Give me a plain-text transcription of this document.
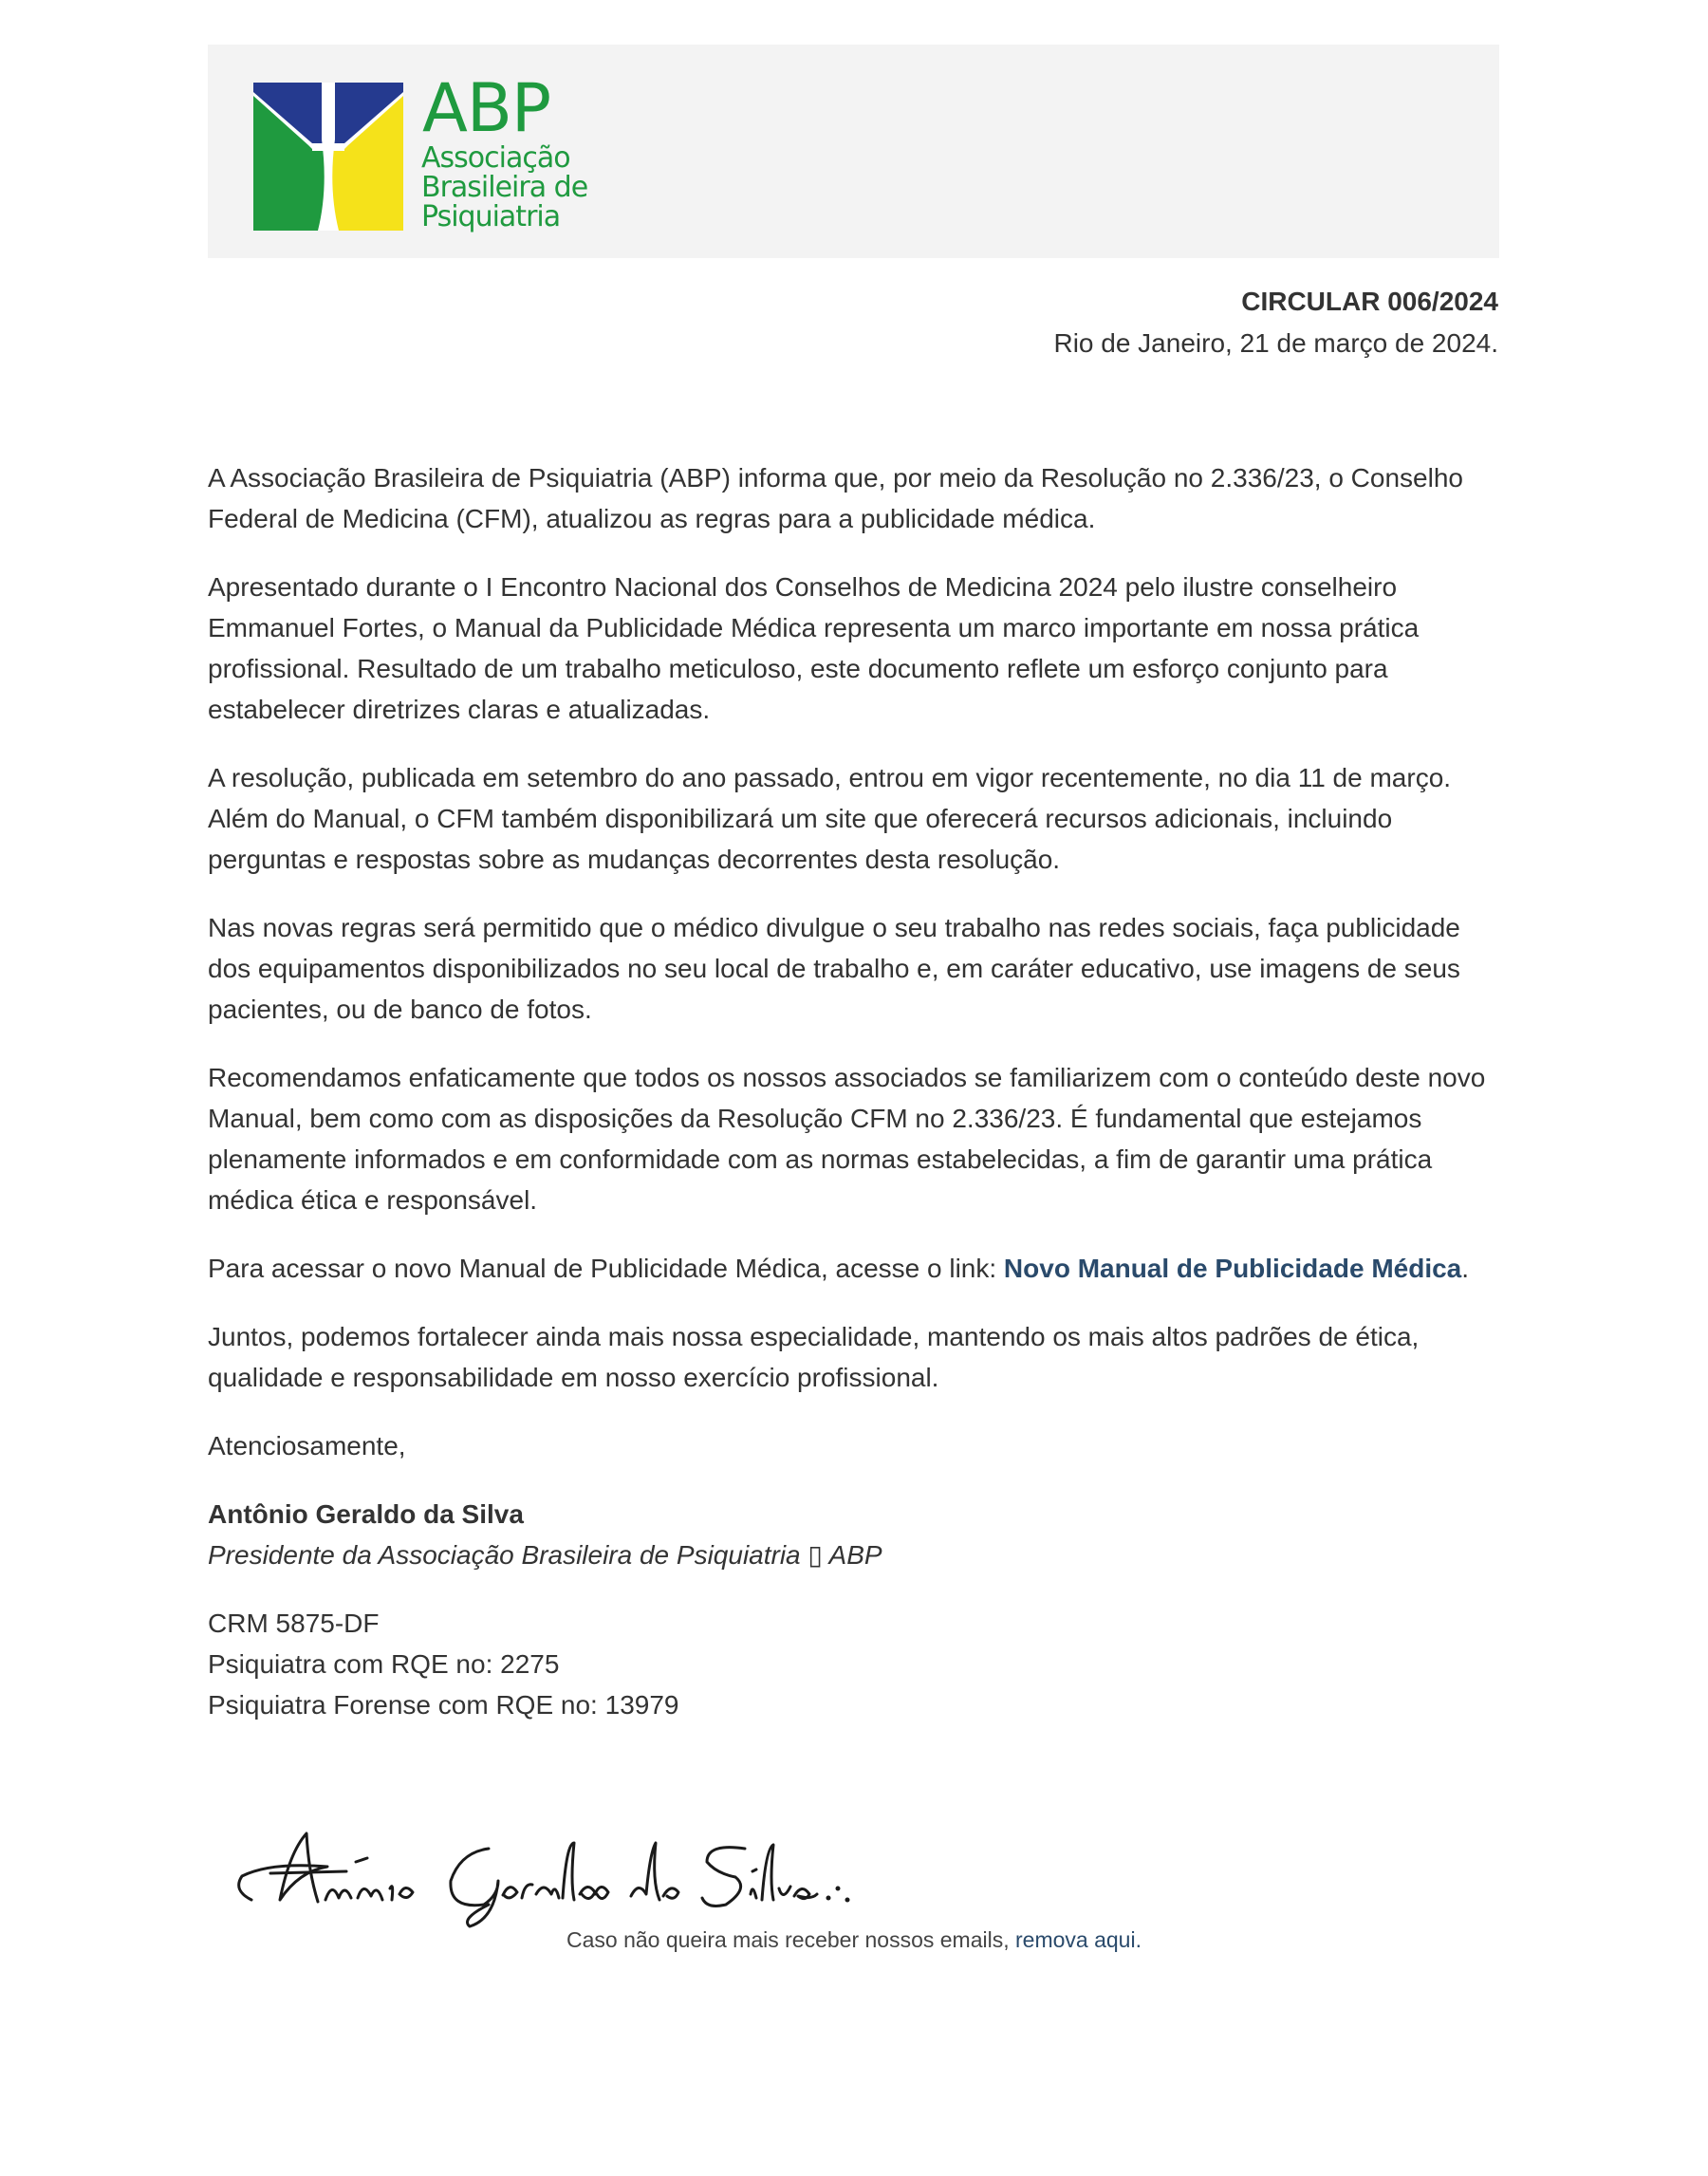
ABP
Associação
Brasileira de
Psiquiatria
CIRCULAR 006/2024
Rio de Janeiro, 21 de março de 2024.

A Associação Brasileira de Psiquiatria (ABP) informa que, por meio da Resolução no 2.336/23, o Conselho Federal de Medicina (CFM), atualizou as regras para a publicidade médica.

Apresentado durante o I Encontro Nacional dos Conselhos de Medicina 2024 pelo ilustre conselheiro Emmanuel Fortes, o Manual da Publicidade Médica representa um marco importante em nossa prática profissional. Resultado de um trabalho meticuloso, este documento reflete um esforço conjunto para estabelecer diretrizes claras e atualizadas.

A resolução, publicada em setembro do ano passado, entrou em vigor recentemente, no dia 11 de março. Além do Manual, o CFM também disponibilizará um site que oferecerá recursos adicionais, incluindo perguntas e respostas sobre as mudanças decorrentes desta resolução.

Nas novas regras será permitido que o médico divulgue o seu trabalho nas redes sociais, faça publicidade dos equipamentos disponibilizados no seu local de trabalho e, em caráter educativo, use imagens de seus pacientes, ou de banco de fotos.

Recomendamos enfaticamente que todos os nossos associados se familiarizem com o conteúdo deste novo Manual, bem como com as disposições da Resolução CFM no 2.336/23. É fundamental que estejamos plenamente informados e em conformidade com as normas estabelecidas, a fim de garantir uma prática médica ética e responsável.

Para acessar o novo Manual de Publicidade Médica, acesse o link: Novo Manual de Publicidade Médica.

Juntos, podemos fortalecer ainda mais nossa especialidade, mantendo os mais altos padrões de ética, qualidade e responsabilidade em nosso exercício profissional.

Atenciosamente,

Antônio Geraldo da Silva
Presidente da Associação Brasileira de Psiquiatria ▯ ABP

CRM 5875-DF
Psiquiatra com RQE no: 2275
Psiquiatra Forense com RQE no: 13979

Caso não queira mais receber nossos emails, remova aqui.
